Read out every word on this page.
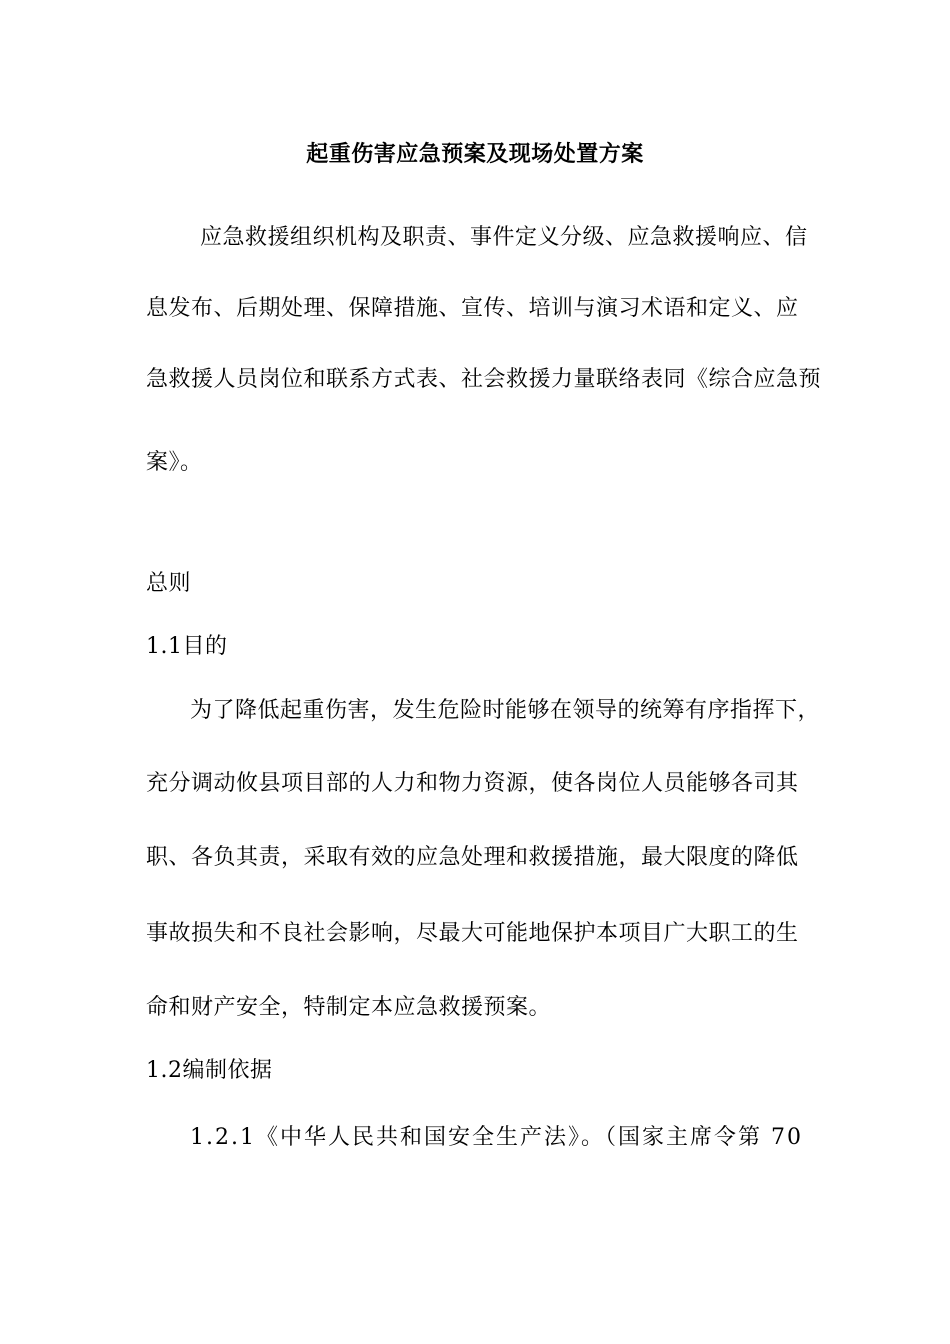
起重伤害应急预案及现场处置方案
应急救援组织机构及职责、事件定义分级、应急救援响应、信
息发布、后期处理、保障措施、宣传、培训与演习术语和定义、应
急救援人员岗位和联系方式表、社会救援力量联络表同《综合应急预
案》。
总则
1.1目的
为了降低起重伤害，发生危险时能够在领导的统筹有序指挥下，
充分调动攸县项目部的人力和物力资源，使各岗位人员能够各司其
职、各负其责，采取有效的应急处理和救援措施，最大限度的降低
事故损失和不良社会影响，尽最大可能地保护本项目广大职工的生
命和财产安全，特制定本应急救援预案。
1.2编制依据
1.2.1《中华人民共和国安全生产法》。（国家主席令第 70
